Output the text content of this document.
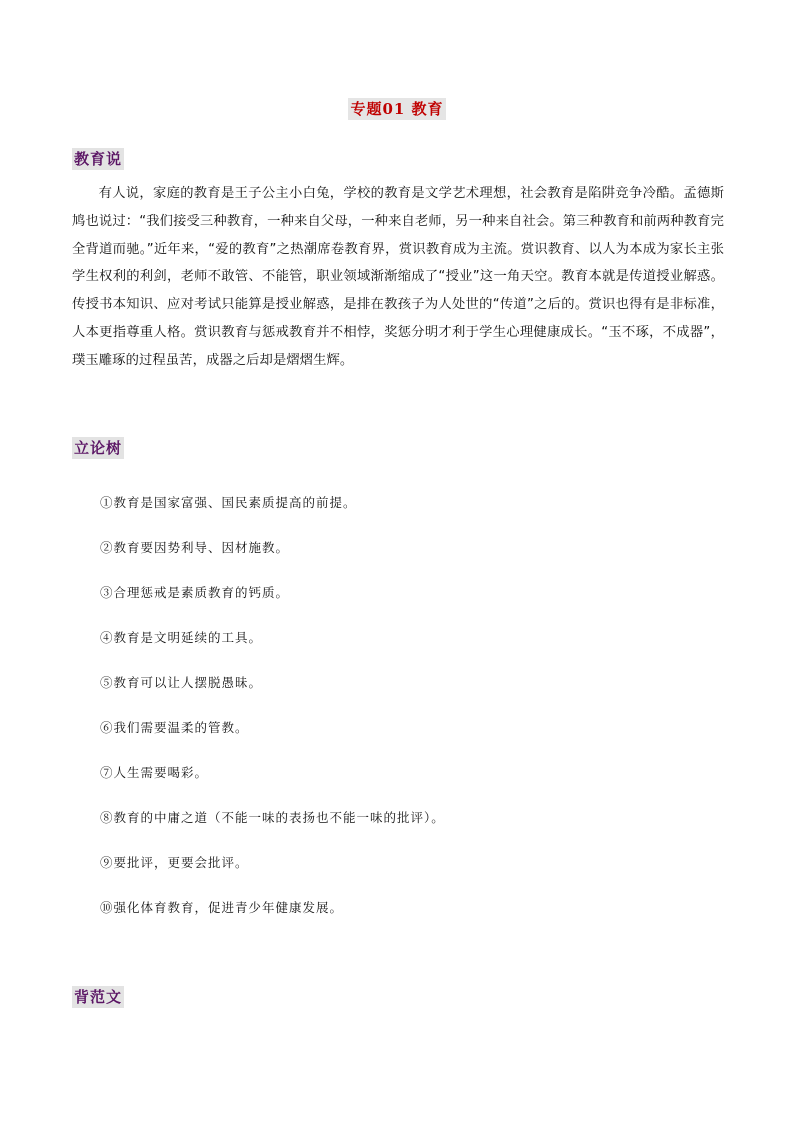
专题01 教育
教育说

有人说，家庭的教育是王子公主小白兔，学校的教育是文学艺术理想，社会教育是陷阱竞争冷酷。孟德斯鸠也说过：“我们接受三种教育，一种来自父母，一种来自老师，另一种来自社会。第三种教育和前两种教育完全背道而驰。”近年来，“爱的教育”之热潮席卷教育界，赏识教育成为主流。赏识教育、以人为本成为家长主张学生权利的利剑，老师不敢管、不能管，职业领域渐渐缩成了“授业”这一角天空。教育本就是传道授业解惑。传授书本知识、应对考试只能算是授业解惑，是排在教孩子为人处世的“传道”之后的。赏识也得有是非标准，人本更指尊重人格。赏识教育与惩戒教育并不相悖，奖惩分明才利于学生心理健康成长。“玉不琢，不成器”，璞玉雕琢的过程虽苦，成器之后却是熠熠生辉。

立论树
①教育是国家富强、国民素质提高的前提。
②教育要因势利导、因材施教。
③合理惩戒是素质教育的钙质。
④教育是文明延续的工具。
⑤教育可以让人摆脱愚昧。
⑥我们需要温柔的管教。
⑦人生需要喝彩。
⑧教育的中庸之道（不能一味的表扬也不能一味的批评）。
⑨要批评，更要会批评。
⑩强化体育教育，促进青少年健康发展。
背范文
